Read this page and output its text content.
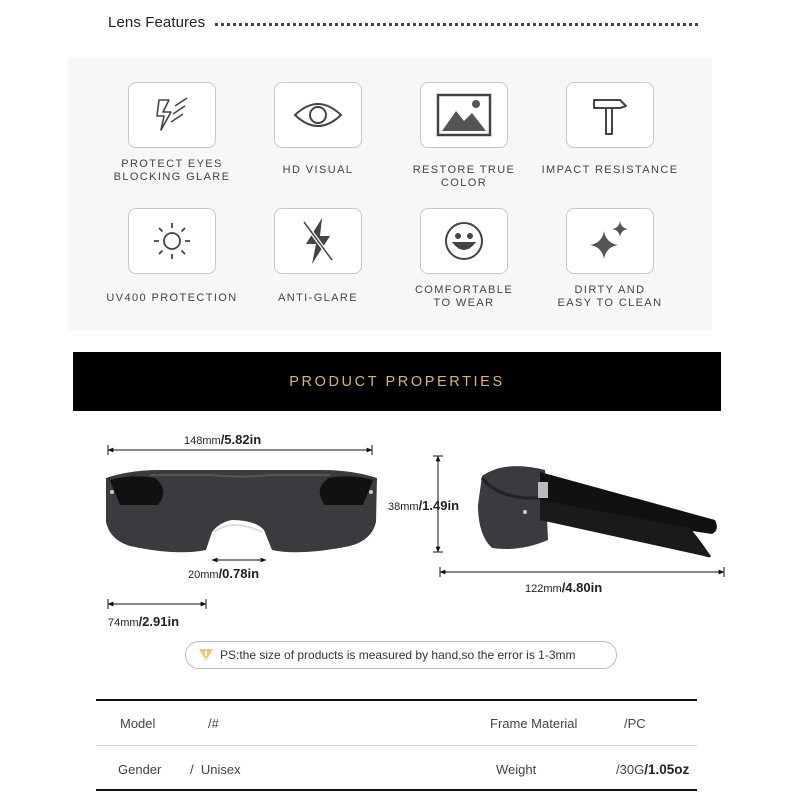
Lens Features
PROTECT EYES
BLOCKING GLARE
HD VISUAL	RESTORE TRUE COLOR
IMPACT RESISTANCE
UV400 PROTECTION	ANTI-GLARE
COMFORTABLE
TO WEAR
DIRTY AND
EASY TO CLEAN
PRODUCT PROPERTIES
148mm/5.82in
20mm/0.78in
74mm/2.91in
38mm/1.49in
122mm/4.80in
PS:the size of products is measured by hand,so the error is 1-3mm
Model	/#	Frame Material	/PC
Gender /  Unisex	Weight	/30G /1.05oz
